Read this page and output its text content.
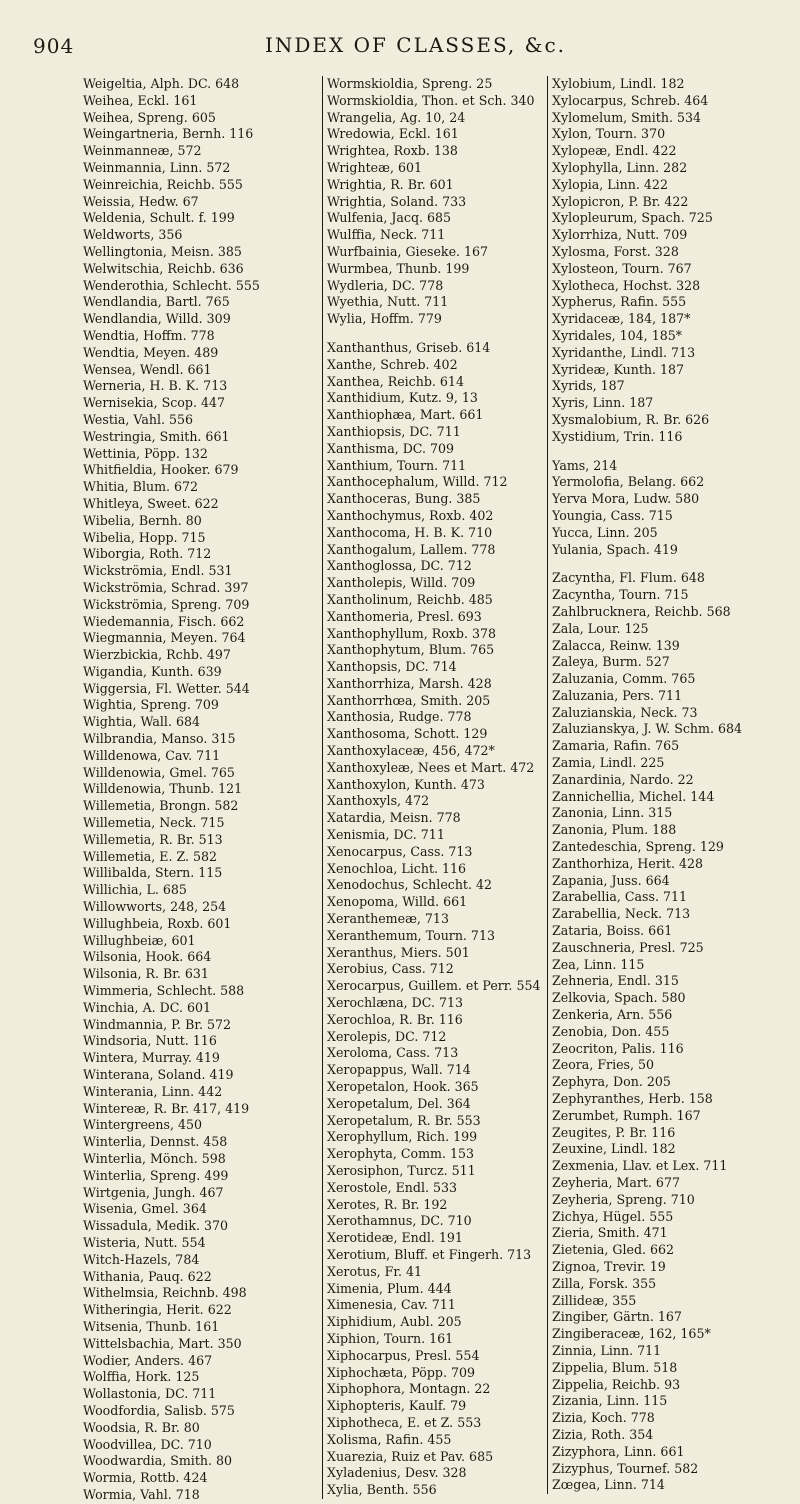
904	INDEX OF CLASSES, &c.
Weigeltia, Alph. DC. 648
Weihea, Eckl. 161
Weihea, Spreng. 605
Weingartneria, Bernh. 116
Weinmanneæ, 572
Weinmannia, Linn. 572
Weinreichia, Reichb. 555
Weissia, Hedw. 67
Weldenia, Schult. f. 199
Weldworts, 356
Wellingtonia, Meisn. 385
Welwitschia, Reichb. 636
Wenderothia, Schlecht. 555
Wendlandia, Bartl. 765
Wendlandia, Willd. 309
Wendtia, Hoffm. 778
Wendtia, Meyen. 489
Wensea, Wendl. 661
Werneria, H. B. K. 713
Wernisekia, Scop. 447
Westia, Vahl. 556
Westringia, Smith. 661
Wettinia, Pöpp. 132
Whitfieldia, Hooker. 679
Whitia, Blum. 672
Whitleya, Sweet. 622
Wibelia, Bernh. 80
Wibelia, Hopp. 715
Wiborgia, Roth. 712
Wickströmia, Endl. 531
Wickströmia, Schrad. 397
Wickströmia, Spreng. 709
Wiedemannia, Fisch. 662
Wiegmannia, Meyen. 764
Wierzbickia, Rchb. 497
Wigandia, Kunth. 639
Wiggersia, Fl. Wetter. 544
Wightia, Spreng. 709
Wightia, Wall. 684
Wilbrandia, Manso. 315
Willdenowa, Cav. 711
Willdenowia, Gmel. 765
Willdenowia, Thunb. 121
Willemetia, Brongn. 582
Willemetia, Neck. 715
Willemetia, R. Br. 513
Willemetia, E. Z. 582
Willibalda, Stern. 115
Willichia, L. 685
Willowworts, 248, 254
Willughbeia, Roxb. 601
Willughbeiæ, 601
Wilsonia, Hook. 664
Wilsonia, R. Br. 631
Wimmeria, Schlecht. 588
Winchia, A. DC. 601
Windmannia, P. Br. 572
Windsoria, Nutt. 116
Wintera, Murray. 419
Winterana, Soland. 419
Winterania, Linn. 442
Wintereæ, R. Br. 417, 419
Wintergreens, 450
Winterlia, Dennst. 458
Winterlia, Mönch. 598
Winterlia, Spreng. 499
Wirtgenia, Jungh. 467
Wisenia, Gmel. 364
Wissadula, Medik. 370
Wisteria, Nutt. 554
Witch-Hazels, 784
Withania, Pauq. 622
Withelmsia, Reichnb. 498
Witheringia, Herit. 622
Witsenia, Thunb. 161
Wittelsbachia, Mart. 350
Wodier, Anders. 467
Wolffia, Hork. 125
Wollastonia, DC. 711
Woodfordia, Salisb. 575
Woodsia, R. Br. 80
Woodvillea, DC. 710
Woodwardia, Smith. 80
Wormia, Rottb. 424
Wormia, Vahl. 718
Wormskioldia, Spreng. 25
Wormskioldia, Thon. et Sch. 340
Wrangelia, Ag. 10, 24
Wredowia, Eckl. 161
Wrightea, Roxb. 138
Wrighteæ, 601
Wrightia, R. Br. 601
Wrightia, Soland. 733
Wulfenia, Jacq. 685
Wulffia, Neck. 711
Wurfbainia, Gieseke. 167
Wurmbea, Thunb. 199
Wydleria, DC. 778
Wyethia, Nutt. 711
Wylia, Hoffm. 779
Xanthanthus, Griseb. 614
Xanthe, Schreb. 402
Xanthea, Reichb. 614
Xanthidium, Kutz. 9, 13
Xanthiophæa, Mart. 661
Xanthiopsis, DC. 711
Xanthisma, DC. 709
Xanthium, Tourn. 711
Xanthocephalum, Willd. 712
Xanthoceras, Bung. 385
Xanthochymus, Roxb. 402
Xanthocoma, H. B. K. 710
Xanthogalum, Lallem. 778
Xanthoglossa, DC. 712
Xantholepis, Willd. 709
Xantholinum, Reichb. 485
Xanthomeria, Presl. 693
Xanthophyllum, Roxb. 378
Xanthophytum, Blum. 765
Xanthopsis, DC. 714
Xanthorrhiza, Marsh. 428
Xanthorrhœa, Smith. 205
Xanthosia, Rudge. 778
Xanthosoma, Schott. 129
Xanthoxylaceæ, 456, 472*
Xanthoxyleæ, Nees et Mart. 472
Xanthoxylon, Kunth. 473
Xanthoxyls, 472
Xatardia, Meisn. 778
Xenismia, DC. 711
Xenocarpus, Cass. 713
Xenochloa, Licht. 116
Xenodochus, Schlecht. 42
Xenopoma, Willd. 661
Xeranthemeæ, 713
Xeranthemum, Tourn. 713
Xeranthus, Miers. 501
Xerobius, Cass. 712
Xerocarpus, Guillem. et Perr. 554
Xerochlæna, DC. 713
Xerochloa, R. Br. 116
Xerolepis, DC. 712
Xeroloma, Cass. 713
Xeropappus, Wall. 714
Xeropetalon, Hook. 365
Xeropetalum, Del. 364
Xeropetalum, R. Br. 553
Xerophyllum, Rich. 199
Xerophyta, Comm. 153
Xerosiphon, Turcz. 511
Xerostole, Endl. 533
Xerotes, R. Br. 192
Xerothamnus, DC. 710
Xerotideæ, Endl. 191
Xerotium, Bluff. et Fingerh. 713
Xerotus, Fr. 41
Ximenia, Plum. 444
Ximenesia, Cav. 711
Xiphidium, Aubl. 205
Xiphion, Tourn. 161
Xiphocarpus, Presl. 554
Xiphochæta, Pöpp. 709
Xiphophora, Montagn. 22
Xiphopteris, Kaulf. 79
Xiphotheca, E. et Z. 553
Xolisma, Rafin. 455
Xuarezia, Ruiz et Pav. 685
Xyladenius, Desv. 328
Xylia, Benth. 556
Xylobium, Lindl. 182
Xylocarpus, Schreb. 464
Xylomelum, Smith. 534
Xylon, Tourn. 370
Xylopeæ, Endl. 422
Xylophylla, Linn. 282
Xylopia, Linn. 422
Xylopicron, P. Br. 422
Xylopleurum, Spach. 725
Xylorrhiza, Nutt. 709
Xylosma, Forst. 328
Xylosteon, Tourn. 767
Xylotheca, Hochst. 328
Xypherus, Rafin. 555
Xyridaceæ, 184, 187*
Xyridales, 104, 185*
Xyridanthe, Lindl. 713
Xyrideæ, Kunth. 187
Xyrids, 187
Xyris, Linn. 187
Xysmalobium, R. Br. 626
Xystidium, Trin. 116
Yams, 214
Yermolofia, Belang. 662
Yerva Mora, Ludw. 580
Youngia, Cass. 715
Yucca, Linn. 205
Yulania, Spach. 419
Zacyntha, Fl. Flum. 648
Zacyntha, Tourn. 715
Zahlbrucknera, Reichb. 568
Zala, Lour. 125
Zalacca, Reinw. 139
Zaleya, Burm. 527
Zaluzania, Comm. 765
Zaluzania, Pers. 711
Zaluzianskia, Neck. 73
Zaluzianskya, J. W. Schm. 684
Zamaria, Rafin. 765
Zamia, Lindl. 225
Zanardinia, Nardo. 22
Zannichellia, Michel. 144
Zanonia, Linn. 315
Zanonia, Plum. 188
Zantedeschia, Spreng. 129
Zanthorhiza, Herit. 428
Zapania, Juss. 664
Zarabellia, Cass. 711
Zarabellia, Neck. 713
Zataria, Boiss. 661
Zauschneria, Presl. 725
Zea, Linn. 115
Zehneria, Endl. 315
Zelkovia, Spach. 580
Zenkeria, Arn. 556
Zenobia, Don. 455
Zeocriton, Palis. 116
Zeora, Fries, 50
Zephyra, Don. 205
Zephyranthes, Herb. 158
Zerumbet, Rumph. 167
Zeugites, P. Br. 116
Zeuxine, Lindl. 182
Zexmenia, Llav. et Lex. 711
Zeyheria, Mart. 677
Zeyheria, Spreng. 710
Zichya, Hügel. 555
Zieria, Smith. 471
Zietenia, Gled. 662
Zignoa, Trevir. 19
Zilla, Forsk. 355
Zillideæ, 355
Zingiber, Gärtn. 167
Zingiberaceæ, 162, 165*
Zinnia, Linn. 711
Zippelia, Blum. 518
Zippelia, Reichb. 93
Zizania, Linn. 115
Zizia, Koch. 778
Zizia, Roth. 354
Zizyphora, Linn. 661
Zizyphus, Tournef. 582
Zœgea, Linn. 714
